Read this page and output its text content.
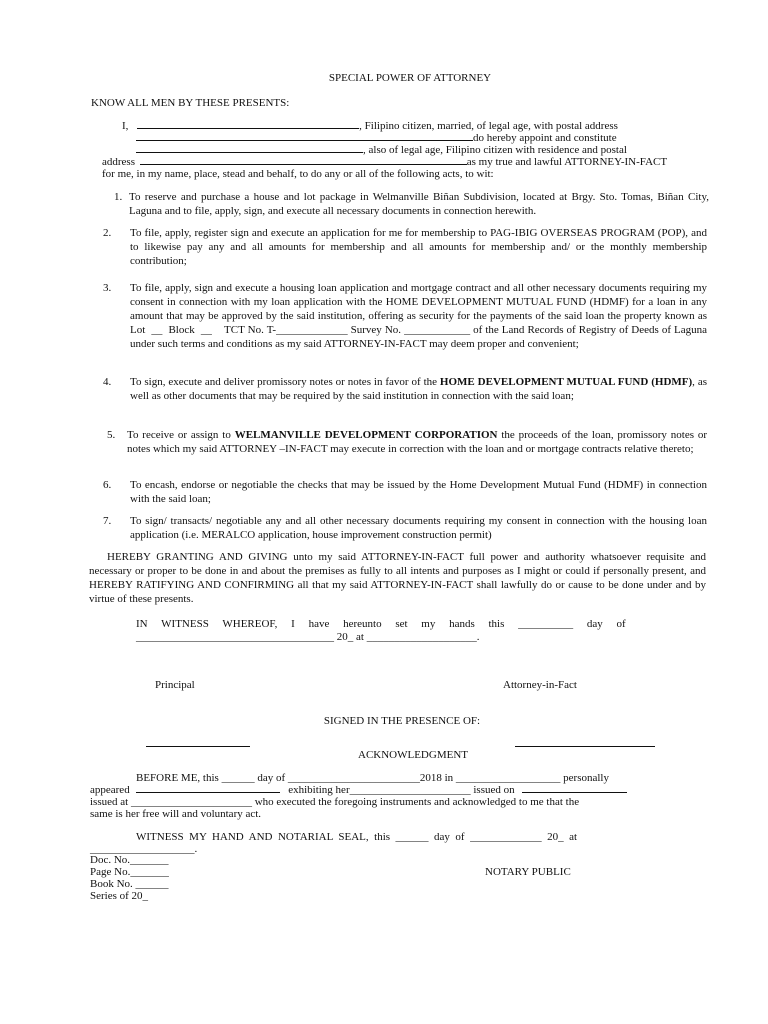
SPECIAL POWER OF ATTORNEY
KNOW ALL MEN BY THESE PRESENTS:
I,	, Filipino citizen, married, of legal age, with postal address
do hereby appoint and constitute
, also of legal age, Filipino citizen with residence and postal
address	as my true and lawful ATTORNEY-IN-FACT
for me, in my name, place, stead and behalf, to do any or all of the following acts, to wit:
1. To reserve and purchase a house and lot package in Welmanville Biñan Subdivision, located at Brgy. Sto. Tomas, Biñan City, Laguna and to file, apply, sign, and execute all necessary documents in connection herewith.
2. To file, apply, register sign and execute an application for me for membership to PAG-IBIG OVERSEAS PROGRAM (POP), and to likewise pay any and all amounts for membership and all amounts for membership and/ or the monthly membership contribution;
3. To file, apply, sign and execute a housing loan application and mortgage contract and all other necessary documents requiring my consent in connection with my loan application with the HOME DEVELOPMENT MUTUAL FUND (HDMF) for a loan in any amount that may be approved by the said institution, offering as security for the payments of the said loan the property known as Lot __ Block __ TCT No. T-_____________ Survey No. ____________ of the Land Records of Registry of Deeds of Laguna under such terms and conditions as my said ATTORNEY-IN-FACT may deem proper and convenient;
4. To sign, execute and deliver promissory notes or notes in favor of the HOME DEVELOPMENT MUTUAL FUND (HDMF), as well as other documents that may be required by the said institution in connection with the said loan;
5. To receive or assign to WELMANVILLE DEVELOPMENT CORPORATION the proceeds of the loan, promissory notes or notes which my said ATTORNEY –IN-FACT may execute in correction with the loan and or mortgage contracts relative thereto;
6. To encash, endorse or negotiable the checks that may be issued by the Home Development Mutual Fund (HDMF) in connection with the said loan;
7. To sign/ transacts/ negotiable any and all other necessary documents requiring my consent in connection with the housing loan application (i.e. MERALCO application, house improvement construction permit)
HEREBY GRANTING AND GIVING unto my said ATTORNEY-IN-FACT full power and authority whatsoever requisite and necessary or proper to be done in and about the premises as fully to all intents and purposes as I might or could if personally present, and HEREBY RATIFYING AND CONFIRMING all that my said ATTORNEY-IN-FACT shall lawfully do or cause to be done under and by virtue of these presents.
IN     WITNESS     WHEREOF,     I     have     hereunto     set     my     hands     this     __________     day     of
____________________________________ 20_ at ____________________.
Principal	Attorney-in-Fact
SIGNED IN THE PRESENCE OF:
ACKNOWLEDGMENT
BEFORE ME, this ______ day of ________________________2018 in ___________________ personally
appeared	exhibiting her______________________ issued on
issued at ______________________ who executed the foregoing instruments and acknowledged to me that the
same is her free will and voluntary act.
WITNESS  MY  HAND  AND  NOTARIAL  SEAL,  this  ______  day  of  _____________  20_  at
___________________.
Doc. No._______
Page No._______
Book No. ______
Series of 20_
NOTARY PUBLIC
